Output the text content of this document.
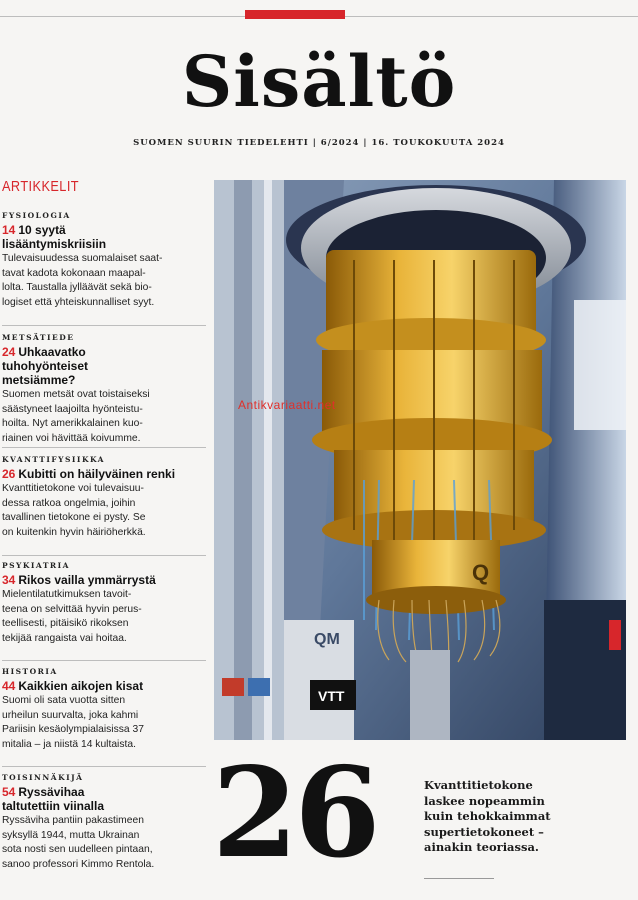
Sisältö
SUOMEN SUURIN TIEDELEHTI | 6/2024 | 16. TOUKOKUUTA 2024
ARTIKKELIT
FYSIOLOGIA
14 10 syytä lisääntymiskriisiin
Tulevaisuudessa suomalaiset saat-
tavat kadota kokonaan maapal-
lolta. Taustalla jylläävät sekä bio-
logiset että yhteiskunnalliset syyt.
METSÄTIEDE
24 Uhkaavatko tuhohyönteiset metsiämme?
Suomen metsät ovat toistaiseksi
säästyneet laajoilta hyönteistu-
hoilta. Nyt amerikkalainen kuo-
riainen voi hävittää koivumme.
KVANTTIFYSIIKKA
26 Kubitti on häilyväinen renki
Kvanttitietokone voi tulevaisuu-
dessa ratkoa ongelmia, joihin
tavallinen tietokone ei pysty. Se
on kuitenkin hyvin häiriöherkkä.
PSYKIATRIA
34 Rikos vailla ymmärrystä
Mielentilatutkimuksen tavoit-
teena on selvittää hyvin perus-
teellisesti, pitäisikö rikoksen
tekijää rangaista vai hoitaa.
HISTORIA
44 Kaikkien aikojen kisat
Suomi oli sata vuotta sitten
urheilun suurvalta, joka kahmi
Pariisin kesäolympialaisissa 37
mitalia – ja niistä 14 kultaista.
TOISINNÄKIJÄ
54 Ryssävihaa taltutettiin viinalla
Ryssäviha pantiin pakastimeen
syksyllä 1944, mutta Ukrainan
sota nosti sen uudelleen pintaan,
sanoo professori Kimmo Rentola.
Q
QM
VTT
Antikvariaatti.net
26	Kvanttitietokone
laskee nopeammin
kuin tehokkaimmat
supertietokoneet –
ainakin teoriassa.
